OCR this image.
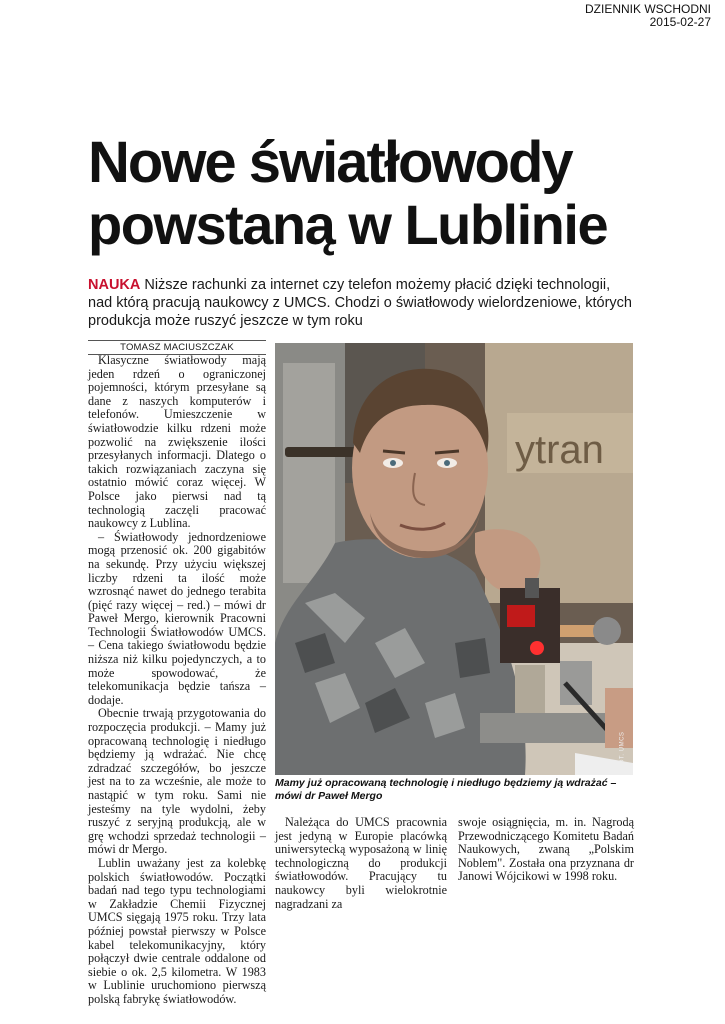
DZIENNIK WSCHODNI
2015-02-27
Nowe światłowody
powstaną w Lublinie

NAUKA Niższe rachunki za internet czy telefon możemy płacić dzięki technologii, nad którą pracują naukowcy z UMCS. Chodzi o światłowody wielordzeniowe, których produkcja może ruszyć jeszcze w tym roku

TOMASZ MACIUSZCZAK

Klasyczne światłowody mają jeden rdzeń o ograniczonej pojemności, którym przesyłane są dane z naszych komputerów i telefonów. Umieszczenie w światłowodzie kilku rdzeni może pozwolić na zwiększenie ilości przesyłanych informacji. Dlatego o takich rozwiązaniach zaczyna się ostatnio mówić coraz więcej. W Polsce jako pierwsi nad tą technologią zaczęli pracować naukowcy z Lublina.

– Światłowody jednordzeniowe mogą przenosić ok. 200 gigabitów na sekundę. Przy użyciu większej liczby rdzeni ta ilość może wzrosnąć nawet do jednego terabita (pięć razy więcej – red.) – mówi dr Paweł Mergo, kierownik Pracowni Technologii Światłowodów UMCS. – Cena takiego światłowodu będzie niższa niż kilku pojedynczych, a to może spowodować, że telekomunikacja będzie tańsza – dodaje.

Obecnie trwają przygotowania do rozpoczęcia produkcji. – Mamy już opracowaną technologię i niedługo będziemy ją wdrażać. Nie chcę zdradzać szczegółów, bo jeszcze jest na to za wcześnie, ale może to nastąpić w tym roku. Sami nie jesteśmy na tyle wydolni, żeby ruszyć z seryjną produkcją, ale w grę wchodzi sprzedaż technologii – mówi dr Mergo.

Lublin uważany jest za kolebkę polskich światłowodów. Początki badań nad tego typu technologiami w Zakładzie Chemii Fizycznej UMCS sięgają 1975 roku. Trzy lata później powstał pierwszy w Polsce kabel telekomunikacyjny, który połączył dwie centrale oddalone od siebie o ok. 2,5 kilometra. W 1983 w Lublinie uruchomiono pierwszą polską fabrykę światłowodów.

ytran
FOT. UMCS

Mamy już opracowaną technologię i niedługo będziemy ją wdrażać – mówi dr Paweł Mergo

Należąca do UMCS pracownia jest jedyną w Europie placówką uniwersytecką wyposażoną w linię technologiczną do produkcji światłowodów. Pracujący tu naukowcy byli wielokrotnie nagradzani za

swoje osiągnięcia, m. in. Nagrodą Przewodniczącego Komitetu Badań Naukowych, zwaną „Polskim Noblem". Została ona przyznana dr Janowi Wójcikowi w 1998 roku.
